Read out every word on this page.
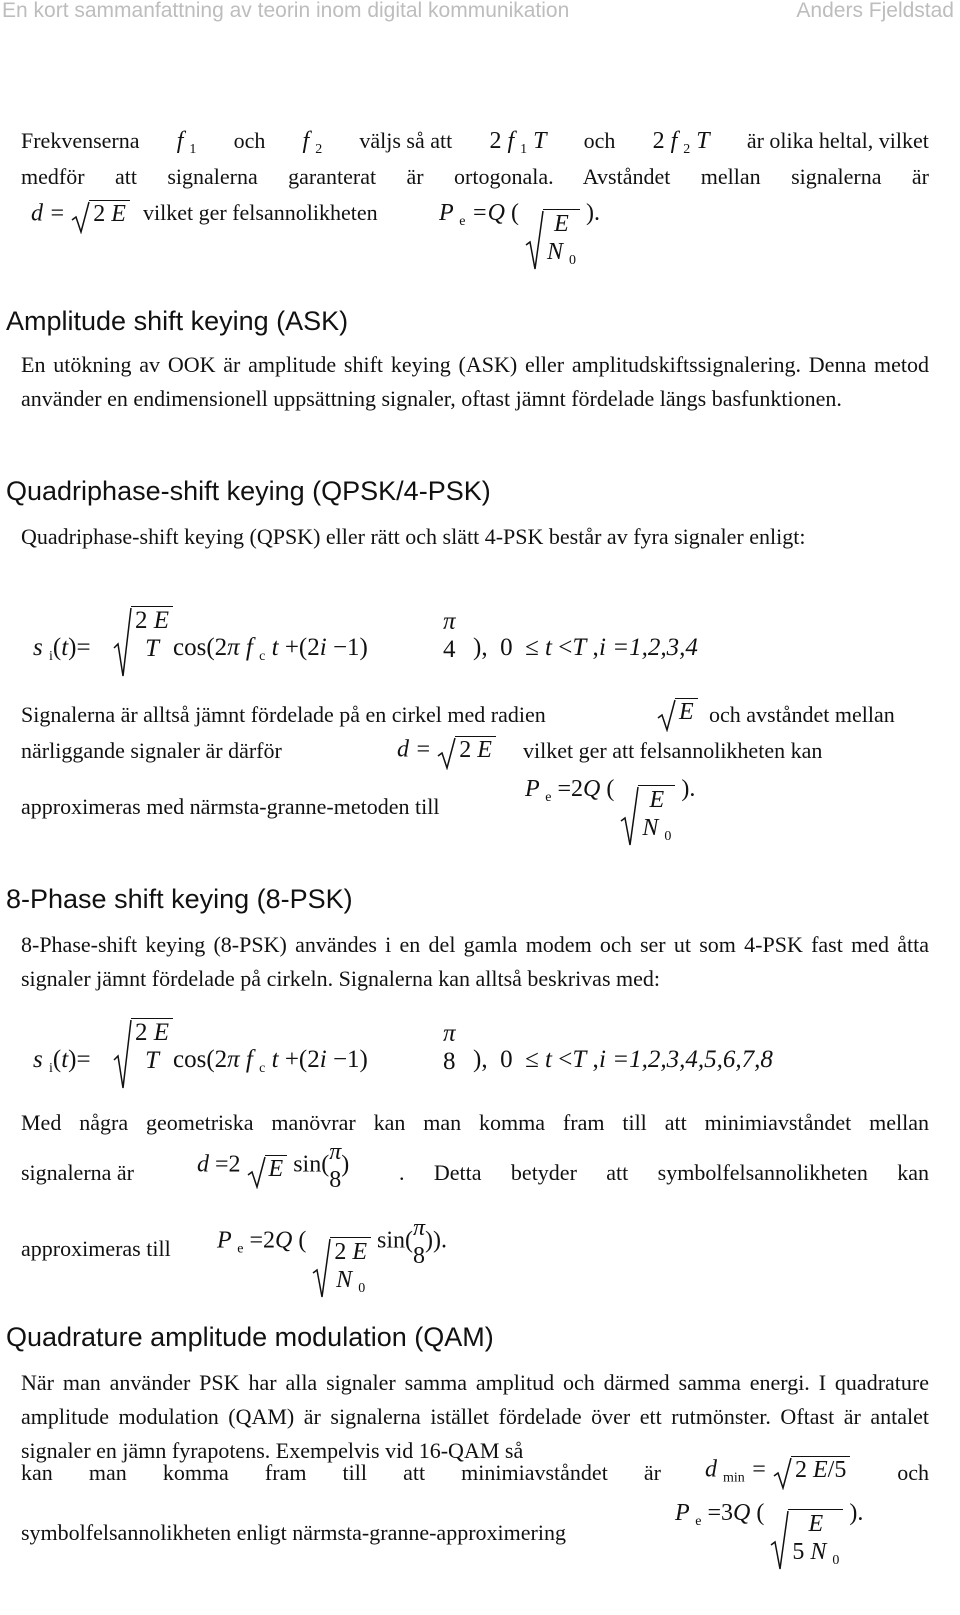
En kort sammanfattning av teorin inom digital kommunikation	Anders Fjeldstad
Frekvenserna f $_1$ och f $_2$ väljs så att 2 f $_1$ T och 2 f $_2$ T är olika heltal, vilket
medför att signalerna garanterat är ortogonala. Avståndet mellan signalerna är
d =
2 E vilket ger felsannolikheten	P $_e$ =Q ( E
N $_0$
).
Amplitude shift keying (ASK)

En utökning av OOK är amplitude shift keying (ASK) eller amplitudskiftssignalering. Denna metod använder en endimensionell uppsättning signaler, oftast jämnt fördelade längs basfunktionen.

Quadriphase-shift keying (QPSK/4-PSK)

Quadriphase-shift keying (QPSK) eller rätt och slätt 4-PSK består av fyra signaler enligt:

s $_i$(t)=
2 E
T cos(2π f $_c$ t +(2i −1)
π
4 ),  0  ≤ t <T , i =1,2,3,4
Signalerna är alltså jämnt fördelade på en cirkel med radien	E och avståndet mellan
närliggande signaler är därför	d =
2 E vilket ger att felsannolikheten kan
approximeras med närmsta-granne-metoden till
P $_e$ =2Q ( E
N $_0$
).
8-Phase shift keying (8-PSK)

8-Phase-shift keying (8-PSK) användes i en del gamla modem och ser ut som 4-PSK fast med åtta signaler jämnt fördelade på cirkeln. Signalerna kan alltså beskrivas med:

s $_i$(t)=
2 E
T cos(2π f $_c$ t +(2i −1)
π
8 ),  0  ≤ t <T , i =1,2,3,4,5,6,7,8
Med några geometriska manövrar kan man komma fram till att minimiavståndet mellan
signalerna är	d =2 E sin( π
8
) . Detta betyder att symbolfelsannolikheten kan
approximeras till P $_e$ =2Q ( 2 E
N $_0$
sin( π
8
)).
Quadrature amplitude modulation (QAM)

När man använder PSK har alla signaler samma amplitud och därmed samma energi. I quadrature amplitude modulation (QAM) är signalerna istället fördelade över ett rutmönster. Oftast är antalet signaler en jämn fyrapotens. Exempelvis vid 16-QAM så

kan man komma fram till att minimiavståndet är d $_{min}$ =
2 E/5 och
symbolfelsannolikheten enligt närmsta-granne-approximering
P $_e$ =3Q (	E
5 N $_0$
).
